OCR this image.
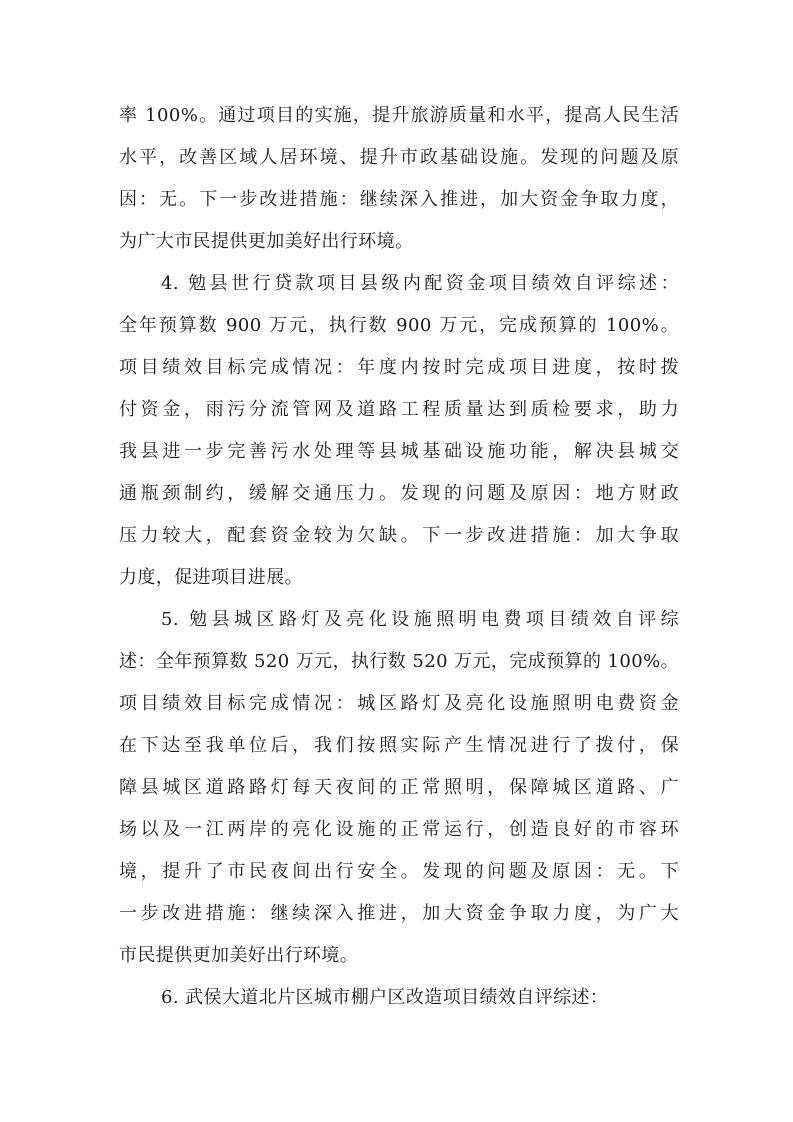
率 100%。通过项目的实施，提升旅游质量和水平，提高人民生活
水平，改善区域人居环境、提升市政基础设施。发现的问题及原
因：无。下一步改进措施：继续深入推进，加大资金争取力度，
为广大市民提供更加美好出行环境。
4. 勉县世行贷款项目县级内配资金项目绩效自评综述：
全年预算数 900 万元，执行数 900 万元，完成预算的 100%。
项目绩效目标完成情况：年度内按时完成项目进度，按时拨
付资金，雨污分流管网及道路工程质量达到质检要求，助力
我县进一步完善污水处理等县城基础设施功能，解决县城交
通瓶颈制约，缓解交通压力。发现的问题及原因：地方财政
压力较大，配套资金较为欠缺。下一步改进措施：加大争取
力度，促进项目进展。
5. 勉县城区路灯及亮化设施照明电费项目绩效自评综
述：全年预算数 520 万元，执行数 520 万元，完成预算的 100%。
项目绩效目标完成情况：城区路灯及亮化设施照明电费资金
在下达至我单位后，我们按照实际产生情况进行了拨付，保
障县城区道路路灯每天夜间的正常照明，保障城区道路、广
场以及一江两岸的亮化设施的正常运行，创造良好的市容环
境，提升了市民夜间出行安全。发现的问题及原因：无。下
一步改进措施：继续深入推进，加大资金争取力度，为广大
市民提供更加美好出行环境。
6. 武侯大道北片区城市棚户区改造项目绩效自评综述：
